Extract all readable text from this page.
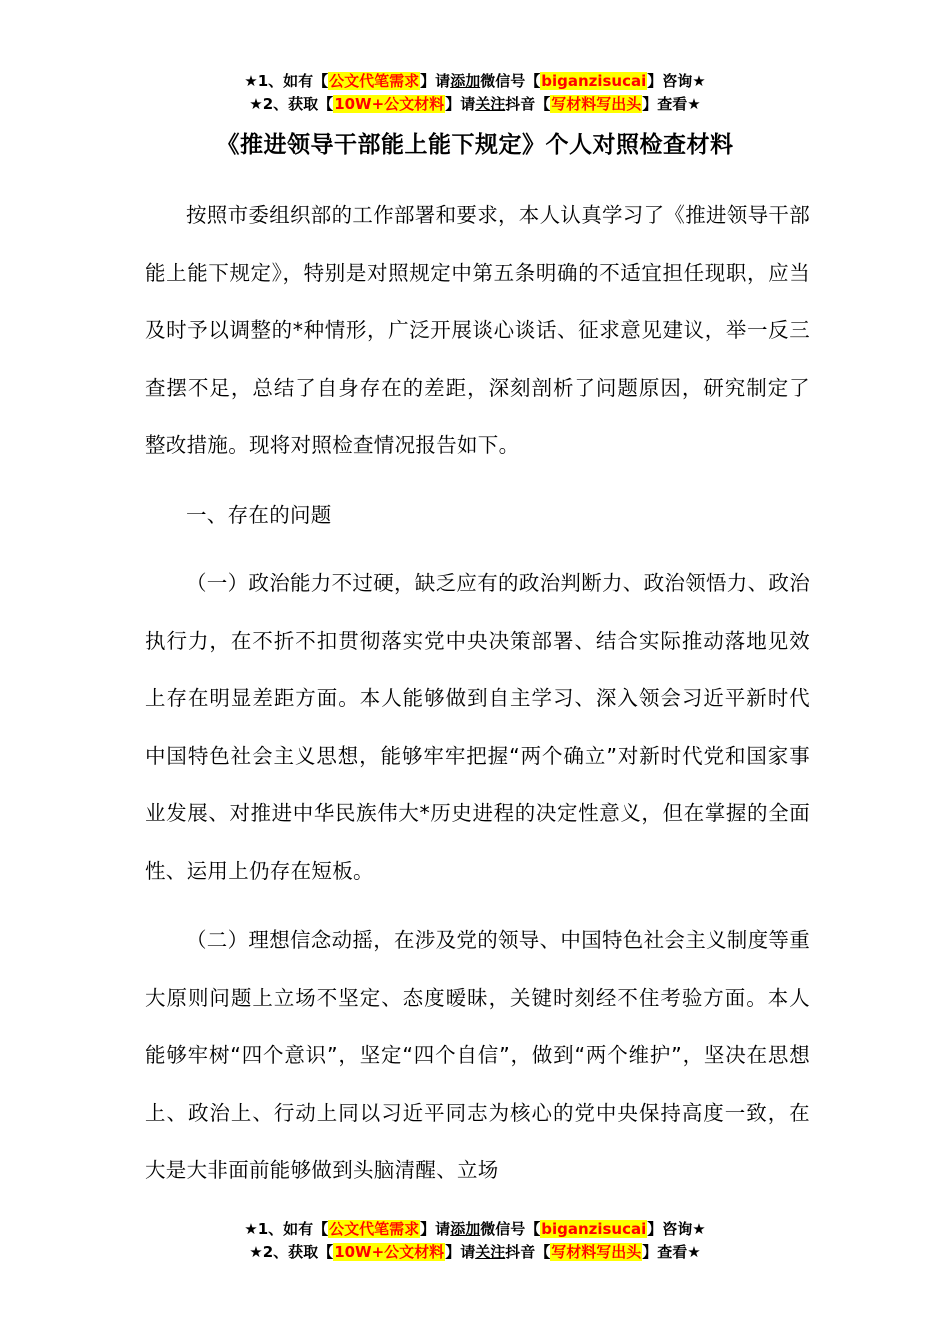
★1、如有【公文代笔需求】请添加微信号【biganzisucai】咨询★
★2、获取【10W+公文材料】请关注抖音【写材料写出头】查看★
《推进领导干部能上能下规定》个人对照检查材料

按照市委组织部的工作部署和要求，本人认真学习了《推进领导干部能上能下规定》，特别是对照规定中第五条明确的不适宜担任现职，应当及时予以调整的*种情形，广泛开展谈心谈话、征求意见建议，举一反三查摆不足，总结了自身存在的差距，深刻剖析了问题原因，研究制定了整改措施。现将对照检查情况报告如下。

一、存在的问题

（一）政治能力不过硬，缺乏应有的政治判断力、政治领悟力、政治执行力，在不折不扣贯彻落实党中央决策部署、结合实际推动落地见效上存在明显差距方面。本人能够做到自主学习、深入领会习近平新时代中国特色社会主义思想，能够牢牢把握“两个确立”对新时代党和国家事业发展、对推进中华民族伟大*历史进程的决定性意义，但在掌握的全面性、运用上仍存在短板。

（二）理想信念动摇，在涉及党的领导、中国特色社会主义制度等重大原则问题上立场不坚定、态度暧昧，关键时刻经不住考验方面。本人能够牢树“四个意识”，坚定“四个自信”，做到“两个维护”，坚决在思想上、政治上、行动上同以习近平同志为核心的党中央保持高度一致，在大是大非面前能够做到头脑清醒、立场

★1、如有【公文代笔需求】请添加微信号【biganzisucai】咨询★
★2、获取【10W+公文材料】请关注抖音【写材料写出头】查看★
